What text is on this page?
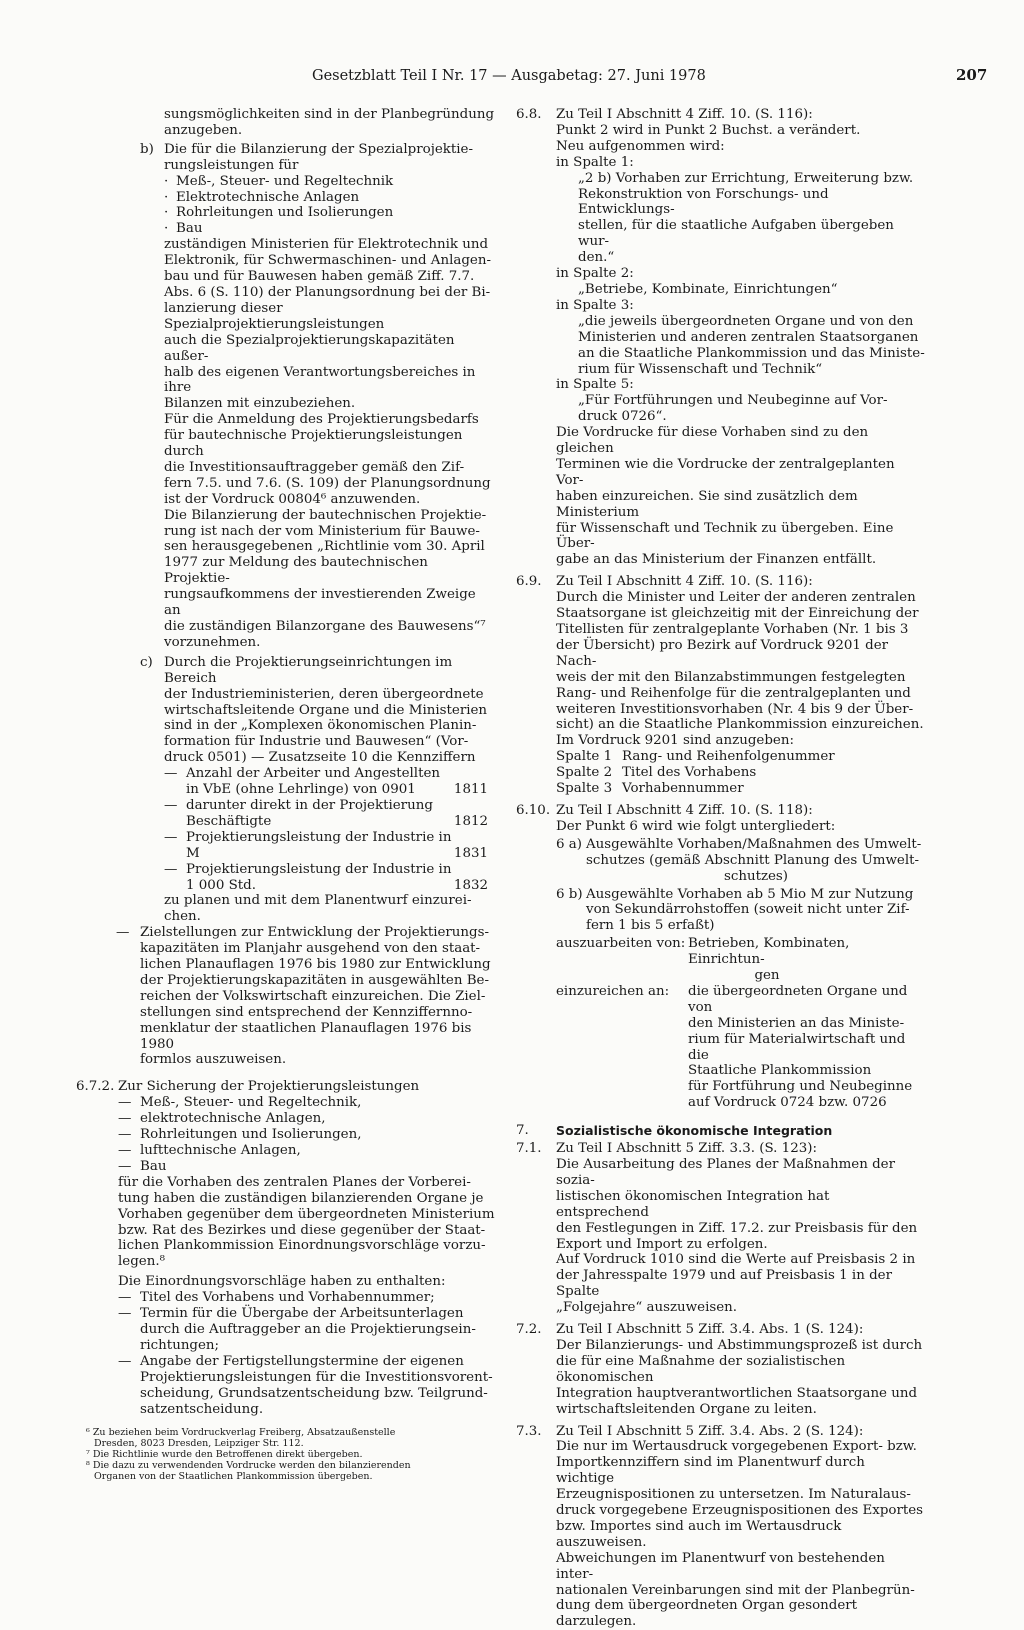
Gesetzblatt Teil I Nr. 17 — Ausgabetag: 27. Juni 1978	207

sungsmöglichkeiten sind in der Planbegründung

anzugeben.

b) Die für die Bilanzierung der Spezialprojektie-

rungsleistungen für

· Meß-, Steuer- und Regeltechnik

· Elektrotechnische Anlagen

· Rohrleitungen und Isolierungen

· Bau

zuständigen Ministerien für Elektrotechnik und

Elektronik, für Schwermaschinen- und Anlagen-

bau und für Bauwesen haben gemäß Ziff. 7.7.

Abs. 6 (S. 110) der Planungsordnung bei der Bi-

lanzierung dieser Spezialprojektierungsleistungen

auch die Spezialprojektierungskapazitäten außer-

halb des eigenen Verantwortungsbereiches in ihre

Bilanzen mit einzubeziehen.

Für die Anmeldung des Projektierungsbedarfs

für bautechnische Projektierungsleistungen durch

die Investitionsauftraggeber gemäß den Zif-

fern 7.5. und 7.6. (S. 109) der Planungsordnung

ist der Vordruck 00804⁶ anzuwenden.

Die Bilanzierung der bautechnischen Projektie-

rung ist nach der vom Ministerium für Bauwe-

sen herausgegebenen „Richtlinie vom 30. April

1977 zur Meldung des bautechnischen Projektie-

rungsaufkommens der investierenden Zweige an

die zuständigen Bilanzorgane des Bauwesens“⁷

vorzunehmen.

c) Durch die Projektierungseinrichtungen im Bereich

der Industrieministerien, deren übergeordnete

wirtschaftsleitende Organe und die Ministerien

sind in der „Komplexen ökonomischen Planin-

formation für Industrie und Bauwesen“ (Vor-

druck 0501) — Zusatzseite 10 die Kennziffern

— Anzahl der Arbeiter und Angestellten

in VbE (ohne Lehrlinge) von 0901	1811

— darunter direkt in der Projektierung

Beschäftigte	1812

— Projektierungsleistung der Industrie in

M	1831

— Projektierungsleistung der Industrie in

1 000 Std.	1832

zu planen und mit dem Planentwurf einzurei-

chen.

— Zielstellungen zur Entwicklung der Projektierungs-

kapazitäten im Planjahr ausgehend von den staat-

lichen Planauflagen 1976 bis 1980 zur Entwicklung

der Projektierungskapazitäten in ausgewählten Be-

reichen der Volkswirtschaft einzureichen. Die Ziel-

stellungen sind entsprechend der Kennziffernno-

menklatur der staatlichen Planauflagen 1976 bis 1980

formlos auszuweisen.

6.7.2. Zur Sicherung der Projektierungsleistungen

— Meß-, Steuer- und Regeltechnik,

— elektrotechnische Anlagen,

— Rohrleitungen und Isolierungen,

— lufttechnische Anlagen,

— Bau

für die Vorhaben des zentralen Planes der Vorberei-

tung haben die zuständigen bilanzierenden Organe je

Vorhaben gegenüber dem übergeordneten Ministerium

bzw. Rat des Bezirkes und diese gegenüber der Staat-

lichen Plankommission Einordnungsvorschläge vorzu-

legen.⁸

Die Einordnungsvorschläge haben zu enthalten:

— Titel des Vorhabens und Vorhabennummer;

— Termin für die Übergabe der Arbeitsunterlagen

durch die Auftraggeber an die Projektierungsein-

richtungen;

— Angabe der Fertigstellungstermine der eigenen

Projektierungsleistungen für die Investitionsvorent-

scheidung, Grundsatzentscheidung bzw. Teilgrund-

satzentscheidung.

⁶ Zu beziehen beim Vordruckverlag Freiberg, Absatzaußenstelle

Dresden, 8023 Dresden, Leipziger Str. 112.

⁷ Die Richtlinie wurde den Betroffenen direkt übergeben.

⁸ Die dazu zu verwendenden Vordrucke werden den bilanzierenden

Organen von der Staatlichen Plankommission übergeben.

6.8. Zu Teil I Abschnitt 4 Ziff. 10. (S. 116):

Punkt 2 wird in Punkt 2 Buchst. a verändert.

Neu aufgenommen wird:

in Spalte 1:

„2 b) Vorhaben zur Errichtung, Erweiterung bzw.

Rekonstruktion von Forschungs- und Entwicklungs-

stellen, für die staatliche Aufgaben übergeben wur-

den.“

in Spalte 2:

„Betriebe, Kombinate, Einrichtungen“

in Spalte 3:

„die jeweils übergeordneten Organe und von den

Ministerien und anderen zentralen Staatsorganen

an die Staatliche Plankommission und das Ministe-

rium für Wissenschaft und Technik“

in Spalte 5:

„Für Fortführungen und Neubeginne auf Vor-

druck 0726“.

Die Vordrucke für diese Vorhaben sind zu den gleichen

Terminen wie die Vordrucke der zentralgeplanten Vor-

haben einzureichen. Sie sind zusätzlich dem Ministerium

für Wissenschaft und Technik zu übergeben. Eine Über-

gabe an das Ministerium der Finanzen entfällt.

6.9. Zu Teil I Abschnitt 4 Ziff. 10. (S. 116):

Durch die Minister und Leiter der anderen zentralen

Staatsorgane ist gleichzeitig mit der Einreichung der

Titellisten für zentralgeplante Vorhaben (Nr. 1 bis 3

der Übersicht) pro Bezirk auf Vordruck 9201 der Nach-

weis der mit den Bilanzabstimmungen festgelegten

Rang- und Reihenfolge für die zentralgeplanten und

weiteren Investitionsvorhaben (Nr. 4 bis 9 der Über-

sicht) an die Staatliche Plankommission einzureichen.

Im Vordruck 9201 sind anzugeben:

Spalte 1 Rang- und Reihenfolgenummer

Spalte 2 Titel des Vorhabens

Spalte 3 Vorhabennummer

6.10. Zu Teil I Abschnitt 4 Ziff. 10. (S. 118):

Der Punkt 6 wird wie folgt untergliedert:

6 a) Ausgewählte Vorhaben/Maßnahmen des Umwelt-

schutzes (gemäß Abschnitt Planung des Umwelt-

schutzes)

6 b) Ausgewählte Vorhaben ab 5 Mio M zur Nutzung

von Sekundärrohstoffen (soweit nicht unter Zif-

fern 1 bis 5 erfaßt)

auszuarbeiten von: Betrieben, Kombinaten, Einrichtun-

gen

einzureichen an: die übergeordneten Organe und von

den Ministerien an das Ministe-

rium für Materialwirtschaft und die

Staatliche Plankommission

für Fortführung und Neubeginne

auf Vordruck 0724 bzw. 0726

7. Sozialistische ökonomische Integration

7.1. Zu Teil I Abschnitt 5 Ziff. 3.3. (S. 123):

Die Ausarbeitung des Planes der Maßnahmen der sozia-

listischen ökonomischen Integration hat entsprechend

den Festlegungen in Ziff. 17.2. zur Preisbasis für den

Export und Import zu erfolgen.

Auf Vordruck 1010 sind die Werte auf Preisbasis 2 in

der Jahresspalte 1979 und auf Preisbasis 1 in der Spalte

„Folgejahre“ auszuweisen.

7.2. Zu Teil I Abschnitt 5 Ziff. 3.4. Abs. 1 (S. 124):

Der Bilanzierungs- und Abstimmungsprozeß ist durch

die für eine Maßnahme der sozialistischen ökonomischen

Integration hauptverantwortlichen Staatsorgane und

wirtschaftsleitenden Organe zu leiten.

7.3. Zu Teil I Abschnitt 5 Ziff. 3.4. Abs. 2 (S. 124):

Die nur im Wertausdruck vorgegebenen Export- bzw.

Importkennziffern sind im Planentwurf durch wichtige

Erzeugnispositionen zu untersetzen. Im Naturalaus-

druck vorgegebene Erzeugnispositionen des Exportes

bzw. Importes sind auch im Wertausdruck auszuweisen.

Abweichungen im Planentwurf von bestehenden inter-

nationalen Vereinbarungen sind mit der Planbegrün-

dung dem übergeordneten Organ gesondert darzulegen.
